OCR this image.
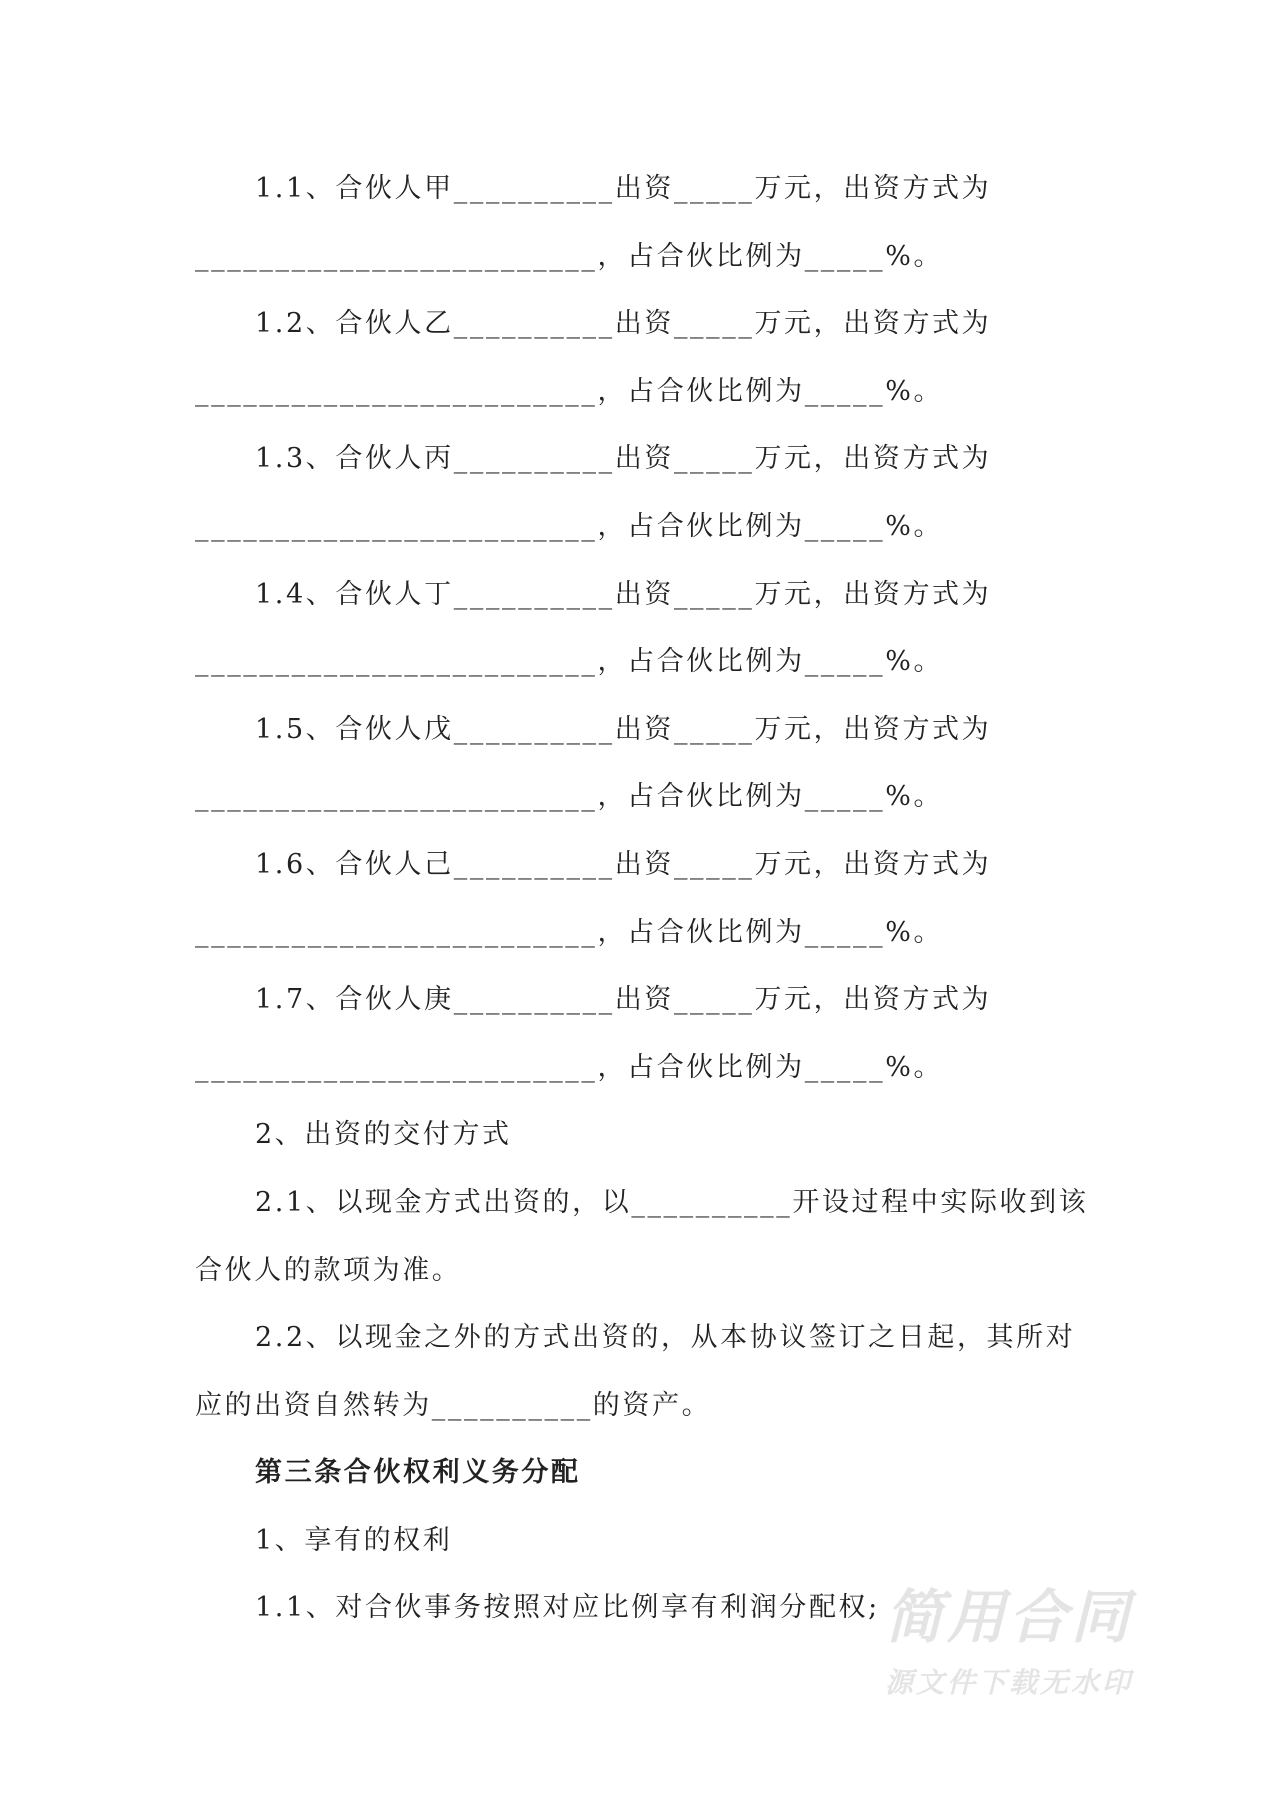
1.1、合伙人甲__________出资_____万元，出资方式为
_________________________，占合伙比例为_____%。
1.2、合伙人乙__________出资_____万元，出资方式为
_________________________，占合伙比例为_____%。
1.3、合伙人丙__________出资_____万元，出资方式为
_________________________，占合伙比例为_____%。
1.4、合伙人丁__________出资_____万元，出资方式为
_________________________，占合伙比例为_____%。
1.5、合伙人戊__________出资_____万元，出资方式为
_________________________，占合伙比例为_____%。
1.6、合伙人己__________出资_____万元，出资方式为
_________________________，占合伙比例为_____%。
1.7、合伙人庚__________出资_____万元，出资方式为
_________________________，占合伙比例为_____%。
2、出资的交付方式
2.1、以现金方式出资的，以__________开设过程中实际收到该
合伙人的款项为准。
2.2、以现金之外的方式出资的，从本协议签订之日起，其所对
应的出资自然转为__________的资产。
第三条合伙权利义务分配
1、享有的权利
1.1、对合伙事务按照对应比例享有利润分配权; 简用合同
源文件下载无水印
